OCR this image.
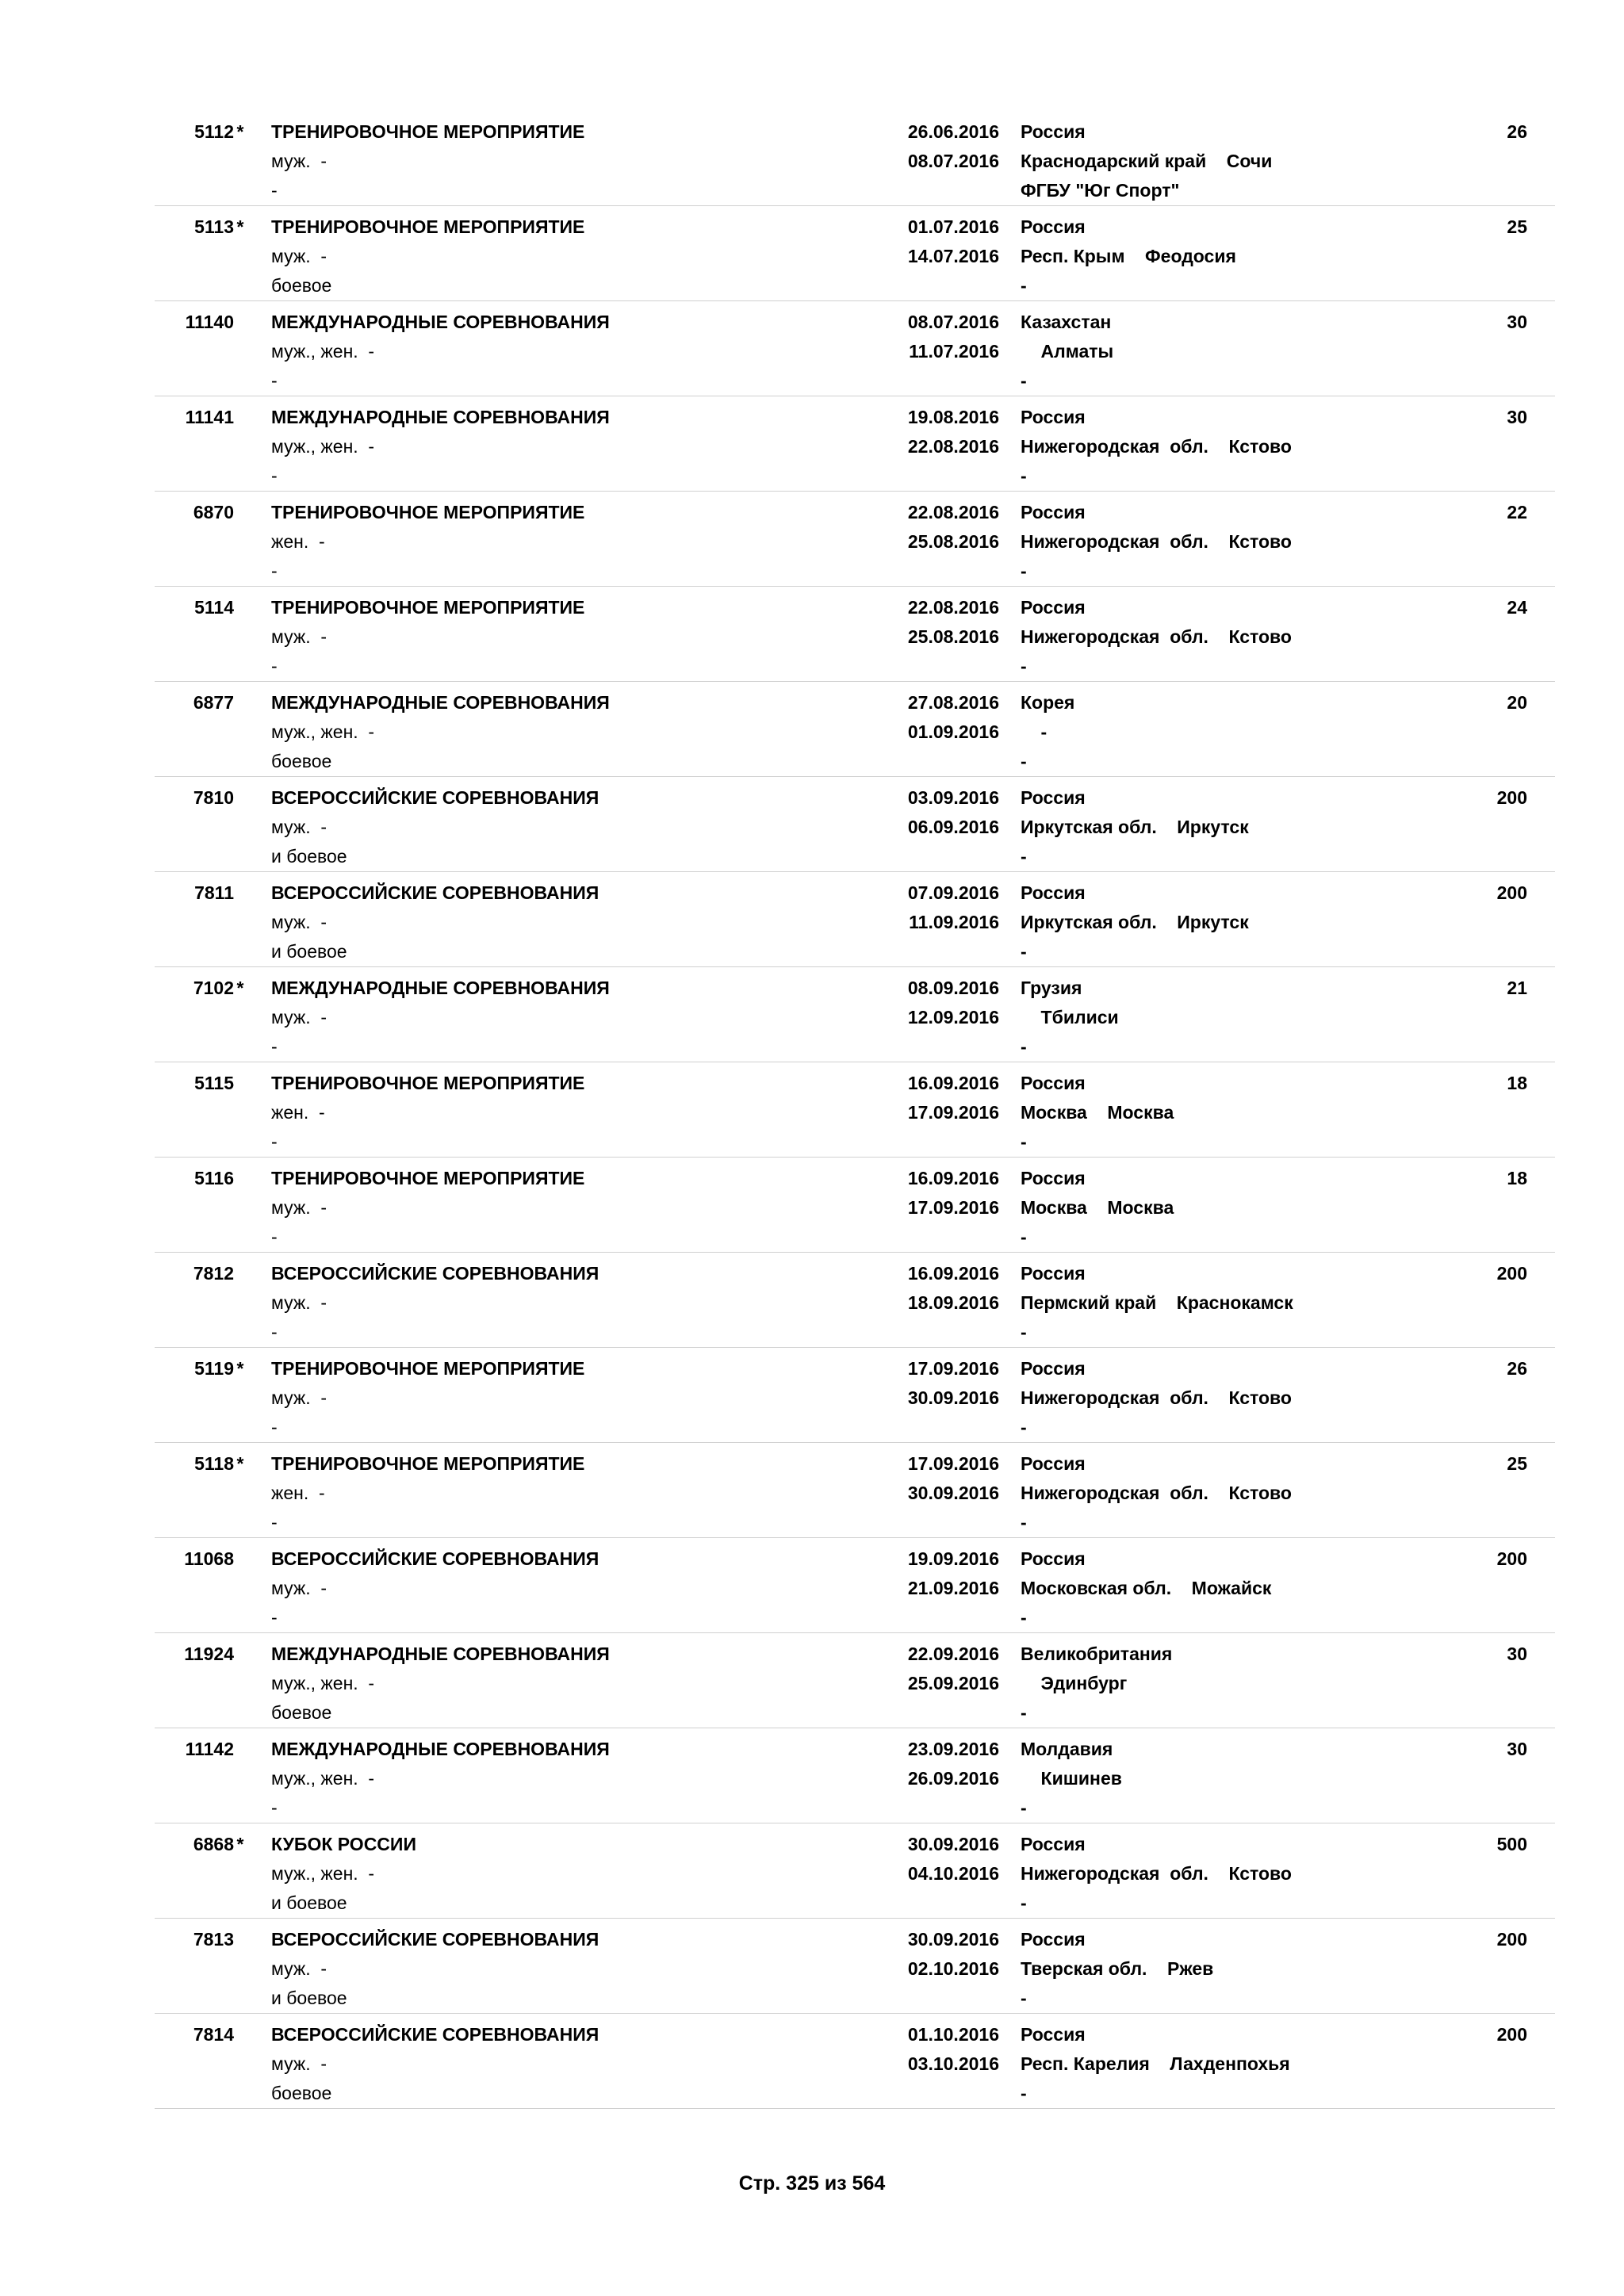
5112 * ТРЕНИРОВОЧНОЕ МЕРОПРИЯТИЕ
муж.  -
-
26.06.2016
08.07.2016
Россия
Краснодарский край    Сочи
ФГБУ "Юг Спорт"
26
5113 * ТРЕНИРОВОЧНОЕ МЕРОПРИЯТИЕ
муж.  -
боевое
01.07.2016
14.07.2016
Россия
Респ. Крым    Феодосия
-
25
11140 МЕЖДУНАРОДНЫЕ СОРЕВНОВАНИЯ
муж., жен.  -
-
08.07.2016
11.07.2016
Казахстан
Алматы
-
30
11141 МЕЖДУНАРОДНЫЕ СОРЕВНОВАНИЯ
муж., жен.  -
-
19.08.2016
22.08.2016
Россия
Нижегородская  обл.    Кстово
-
30
6870 ТРЕНИРОВОЧНОЕ МЕРОПРИЯТИЕ
жен.  -
-
22.08.2016
25.08.2016
Россия
Нижегородская  обл.    Кстово
-
22
5114 ТРЕНИРОВОЧНОЕ МЕРОПРИЯТИЕ
муж.  -
-
22.08.2016
25.08.2016
Россия
Нижегородская  обл.    Кстово
-
24
6877 МЕЖДУНАРОДНЫЕ СОРЕВНОВАНИЯ
муж., жен.  -
боевое
27.08.2016
01.09.2016
Корея
-
-
20
7810 ВСЕРОССИЙСКИЕ СОРЕВНОВАНИЯ
муж.  -
и боевое
03.09.2016
06.09.2016
Россия
Иркутская обл.    Иркутск
-
200
7811 ВСЕРОССИЙСКИЕ СОРЕВНОВАНИЯ
муж.  -
и боевое
07.09.2016
11.09.2016
Россия
Иркутская обл.    Иркутск
-
200
7102 * МЕЖДУНАРОДНЫЕ СОРЕВНОВАНИЯ
муж.  -
-
08.09.2016
12.09.2016
Грузия
Тбилиси
-
21
5115 ТРЕНИРОВОЧНОЕ МЕРОПРИЯТИЕ
жен.  -
-
16.09.2016
17.09.2016
Россия
Москва    Москва
-
18
5116 ТРЕНИРОВОЧНОЕ МЕРОПРИЯТИЕ
муж.  -
-
16.09.2016
17.09.2016
Россия
Москва    Москва
-
18
7812 ВСЕРОССИЙСКИЕ СОРЕВНОВАНИЯ
муж.  -
-
16.09.2016
18.09.2016
Россия
Пермский край    Краснокамск
-
200
5119 * ТРЕНИРОВОЧНОЕ МЕРОПРИЯТИЕ
муж.  -
-
17.09.2016
30.09.2016
Россия
Нижегородская  обл.    Кстово
-
26
5118 * ТРЕНИРОВОЧНОЕ МЕРОПРИЯТИЕ
жен.  -
-
17.09.2016
30.09.2016
Россия
Нижегородская  обл.    Кстово
-
25
11068 ВСЕРОССИЙСКИЕ СОРЕВНОВАНИЯ
муж.  -
-
19.09.2016
21.09.2016
Россия
Московская обл.    Можайск
-
200
11924 МЕЖДУНАРОДНЫЕ СОРЕВНОВАНИЯ
муж., жен.  -
боевое
22.09.2016
25.09.2016
Великобритания
Эдинбург
-
30
11142 МЕЖДУНАРОДНЫЕ СОРЕВНОВАНИЯ
муж., жен.  -
-
23.09.2016
26.09.2016
Молдавия
Кишинев
-
30
6868 * КУБОК РОССИИ
муж., жен.  -
и боевое
30.09.2016
04.10.2016
Россия
Нижегородская  обл.    Кстово
-
500
7813 ВСЕРОССИЙСКИЕ СОРЕВНОВАНИЯ
муж.  -
и боевое
30.09.2016
02.10.2016
Россия
Тверская обл.    Ржев
-
200
7814 ВСЕРОССИЙСКИЕ СОРЕВНОВАНИЯ
муж.  -
боевое
01.10.2016
03.10.2016
Россия
Респ. Карелия    Лахденпохья
-
200
Стр. 325 из 564
